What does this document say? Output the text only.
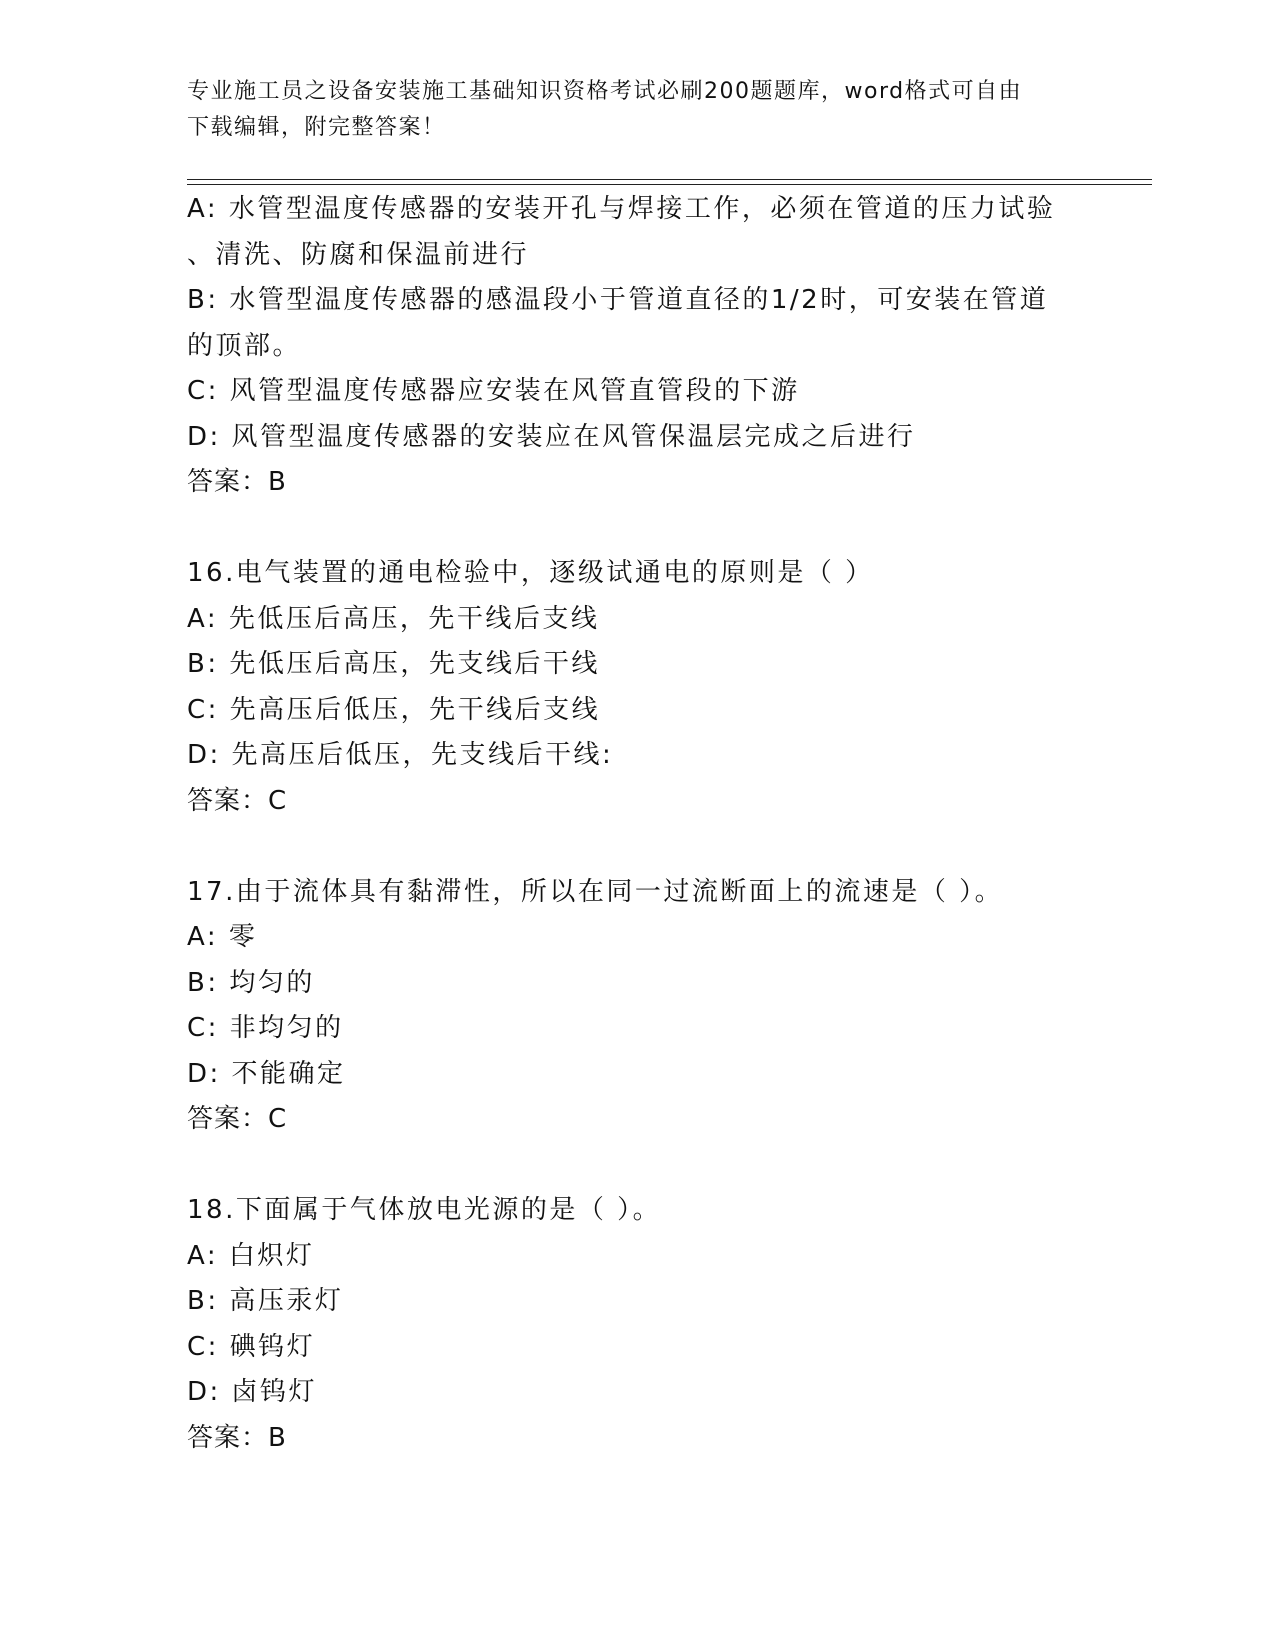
专业施工员之设备安装施工基础知识资格考试必刷200题题库，word格式可自由
下载编辑，附完整答案！
A: 水管型温度传感器的安装开孔与焊接工作，必须在管道的压力试验
、清洗、防腐和保温前进行
B: 水管型温度传感器的感温段小于管道直径的1/2时，可安装在管道
的顶部。
C: 风管型温度传感器应安装在风管直管段的下游
D: 风管型温度传感器的安装应在风管保温层完成之后进行
答案：B
16.电气装置的通电检验中，逐级试通电的原则是（ ）
A: 先低压后高压，先干线后支线
B: 先低压后高压，先支线后干线
C: 先高压后低压，先干线后支线
D: 先高压后低压，先支线后干线:
答案：C
17.由于流体具有黏滞性，所以在同一过流断面上的流速是（ ）。
A: 零
B: 均匀的
C: 非均匀的
D: 不能确定
答案：C
18.下面属于气体放电光源的是（ ）。
A: 白炽灯
B: 高压汞灯
C: 碘钨灯
D: 卤钨灯
答案：B
